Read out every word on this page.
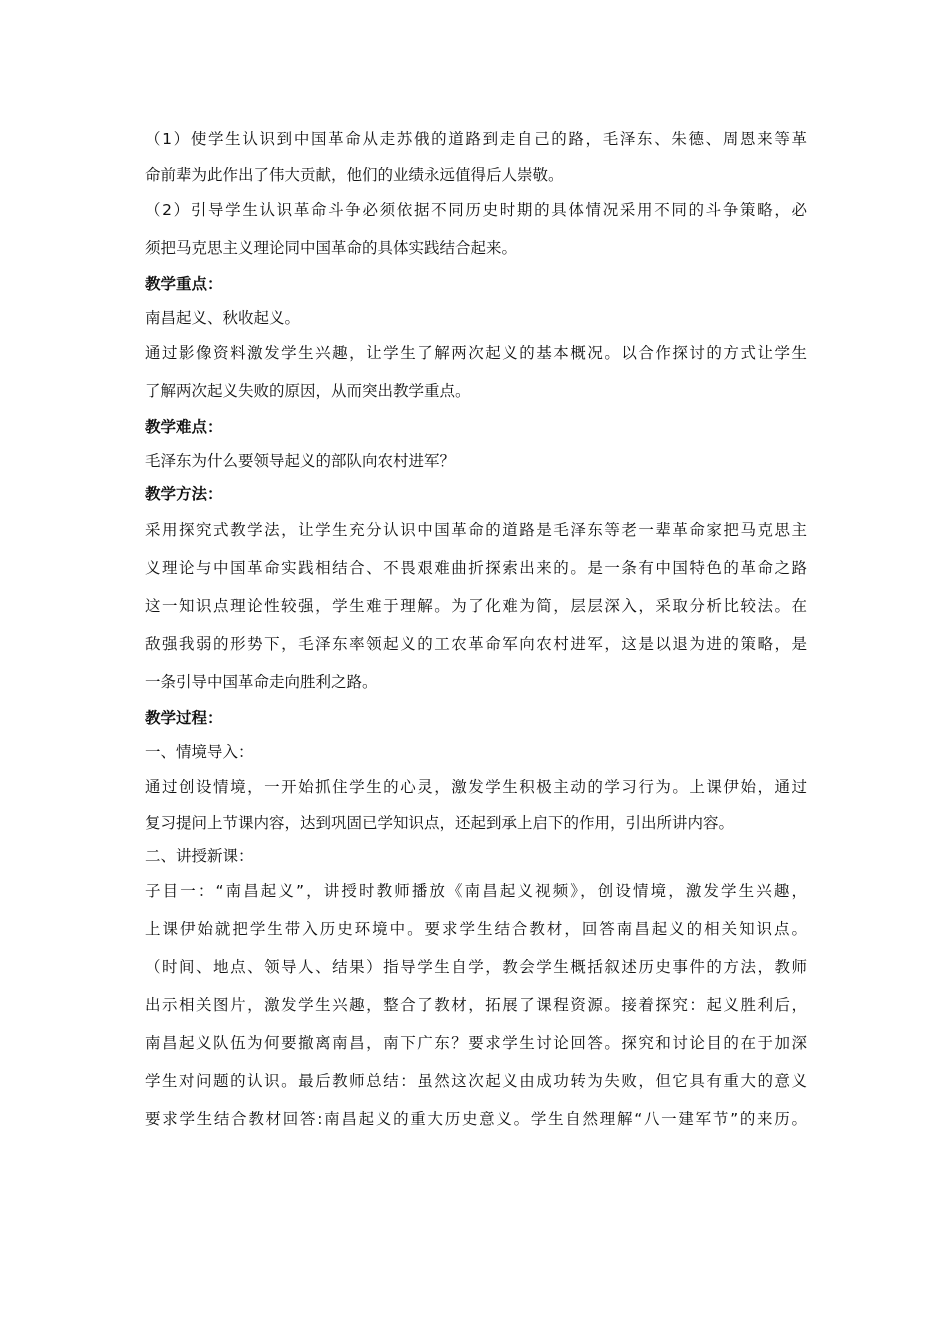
（1）使学生认识到中国革命从走苏俄的道路到走自己的路，毛泽东、朱德、周恩来等革
命前辈为此作出了伟大贡献，他们的业绩永远值得后人崇敬。
（2）引导学生认识革命斗争必须依据不同历史时期的具体情况采用不同的斗争策略，必
须把马克思主义理论同中国革命的具体实践结合起来。
教学重点：
南昌起义、秋收起义。
通过影像资料激发学生兴趣，让学生了解两次起义的基本概况。以合作探讨的方式让学生
了解两次起义失败的原因，从而突出教学重点。
教学难点：
毛泽东为什么要领导起义的部队向农村进军？
教学方法：
采用探究式教学法，让学生充分认识中国革命的道路是毛泽东等老一辈革命家把马克思主
义理论与中国革命实践相结合、不畏艰难曲折探索出来的。是一条有中国特色的革命之路
这一知识点理论性较强，学生难于理解。为了化难为简，层层深入，采取分析比较法。在
敌强我弱的形势下，毛泽东率领起义的工农革命军向农村进军，这是以退为进的策略，是
一条引导中国革命走向胜利之路。
教学过程：
一、情境导入：
通过创设情境，一开始抓住学生的心灵，激发学生积极主动的学习行为。上课伊始，通过
复习提问上节课内容，达到巩固已学知识点，还起到承上启下的作用，引出所讲内容。
二、讲授新课：
子目一：“南昌起义”，讲授时教师播放《南昌起义视频》，创设情境，激发学生兴趣，
上课伊始就把学生带入历史环境中。要求学生结合教材，回答南昌起义的相关知识点。
（时间、地点、领导人、结果）指导学生自学，教会学生概括叙述历史事件的方法，教师
出示相关图片，激发学生兴趣，整合了教材，拓展了课程资源。接着探究：起义胜利后，
南昌起义队伍为何要撤离南昌，南下广东？要求学生讨论回答。探究和讨论目的在于加深
学生对问题的认识。最后教师总结：虽然这次起义由成功转为失败，但它具有重大的意义
要求学生结合教材回答:南昌起义的重大历史意义。学生自然理解“八一建军节”的来历。
